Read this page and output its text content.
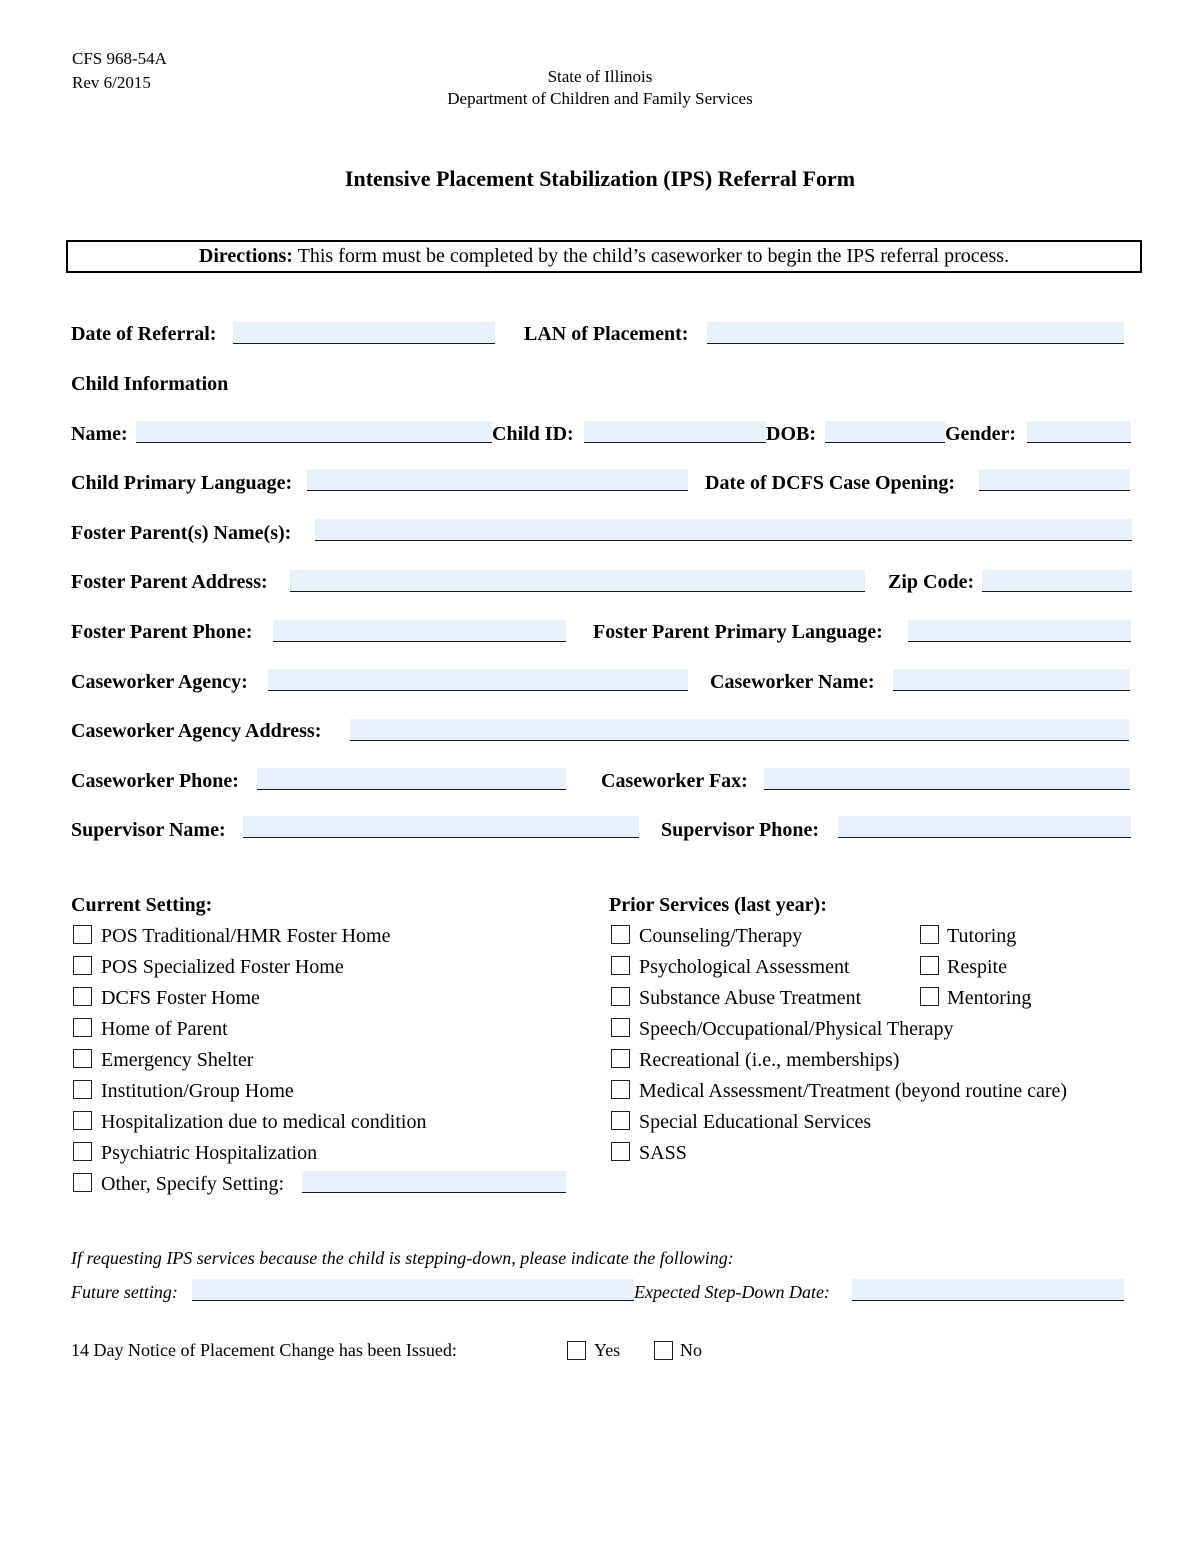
CFS 968-54A
Rev 6/2015	State of Illinois
Department of Children and Family Services
Intensive Placement Stabilization (IPS) Referral Form
Directions: This form must be completed by the child’s caseworker to begin the IPS referral process.
Date of Referral:	LAN of Placement:
Child Information
Name:	Child ID:	DOB:	Gender:
Child Primary Language:	Date of DCFS Case Opening:
Foster Parent(s) Name(s):
Foster Parent Address:	Zip Code:
Foster Parent Phone:	Foster Parent Primary Language:
Caseworker Agency:	Caseworker Name:
Caseworker Agency Address:
Caseworker Phone:	Caseworker Fax:
Supervisor Name:	Supervisor Phone:
Current Setting:
POS Traditional/HMR Foster Home
POS Specialized Foster Home
DCFS Foster Home
Home of Parent
Emergency Shelter
Institution/Group Home
Hospitalization due to medical condition
Psychiatric Hospitalization
Other, Specify Setting:
Prior Services (last year):
Counseling/Therapy
Psychological Assessment
Substance Abuse Treatment
Speech/Occupational/Physical Therapy
Recreational (i.e., memberships)
Medical Assessment/Treatment (beyond routine care)
Special Educational Services
SASS
Tutoring
Respite
Mentoring
If requesting IPS services because the child is stepping-down, please indicate the following:
Future setting:	Expected Step-Down Date:
14 Day Notice of Placement Change has been Issued:	Yes	No
